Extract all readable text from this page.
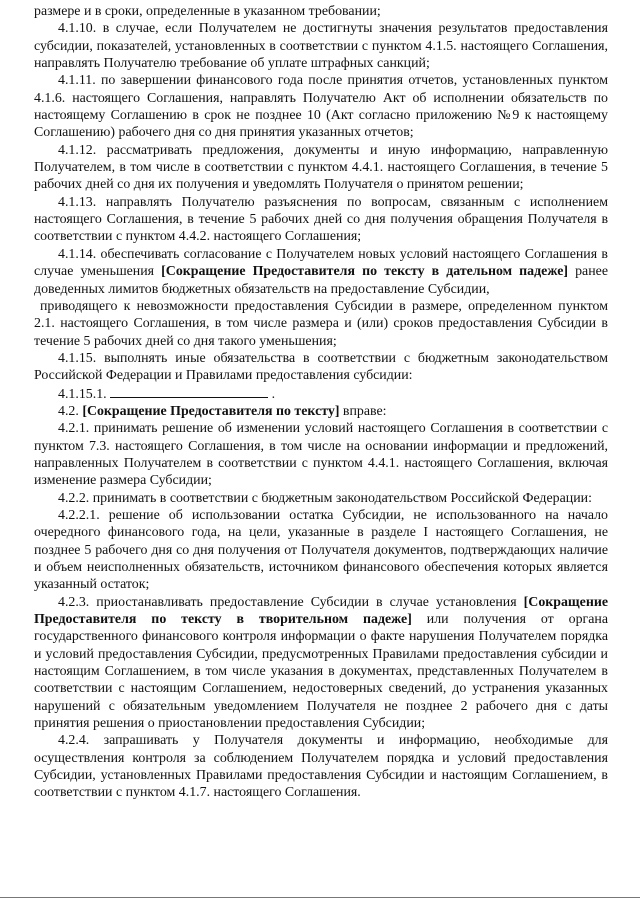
размере и в сроки, определенные в указанном требовании;

4.1.10. в случае, если Получателем не достигнуты значения результатов предоставления субсидии, показателей, установленных в соответствии с пунктом 4.1.5. настоящего Соглашения, направлять Получателю требование об уплате штрафных санкций;

4.1.11. по завершении финансового года после принятия отчетов, установленных пунктом 4.1.6. настоящего Соглашения, направлять Получателю Акт об исполнении обязательств по настоящему Соглашению в срок не позднее 10 (Акт согласно приложению №9 к настоящему Соглашению) рабочего дня со дня принятия указанных отчетов;

4.1.12. рассматривать предложения, документы и иную информацию, направленную Получателем, в том числе в соответствии с пунктом 4.4.1. настоящего Соглашения, в течение 5 рабочих дней со дня их получения и уведомлять Получателя о принятом решении;

4.1.13. направлять Получателю разъяснения по вопросам, связанным с исполнением настоящего Соглашения, в течение 5 рабочих дней со дня получения обращения Получателя в соответствии с пунктом 4.4.2. настоящего Соглашения;

4.1.14. обеспечивать согласование с Получателем новых условий настоящего Соглашения в случае уменьшения [Сокращение Предоставителя по тексту в дательном падеже] ранее доведенных лимитов бюджетных обязательств на предоставление Субсидии,

приводящего к невозможности предоставления Субсидии в размере, определенном пунктом 2.1. настоящего Соглашения, в том числе размера и (или) сроков предоставления Субсидии в течение 5 рабочих дней со дня такого уменьшения;

4.1.15. выполнять иные обязательства в соответствии с бюджетным законодательством Российской Федерации и Правилами предоставления субсидии:

4.1.15.1.	.

4.2. [Сокращение Предоставителя по тексту] вправе:

4.2.1. принимать решение об изменении условий настоящего Соглашения в соответствии с пунктом 7.3. настоящего Соглашения, в том числе на основании информации и предложений, направленных Получателем в соответствии с пунктом 4.4.1. настоящего Соглашения, включая изменение размера Субсидии;

4.2.2. принимать в соответствии с бюджетным законодательством Российской Федерации:

4.2.2.1. решение об использовании остатка Субсидии, не использованного на начало очередного финансового года, на цели, указанные в разделе I настоящего Соглашения, не позднее 5 рабочего дня со дня получения от Получателя документов, подтверждающих наличие и объем неисполненных обязательств, источником финансового обеспечения которых является указанный остаток;

4.2.3. приостанавливать предоставление Субсидии в случае установления [Сокращение Предоставителя по тексту в творительном падеже] или получения от органа государственного финансового контроля информации о факте нарушения Получателем порядка и условий предоставления Субсидии, предусмотренных Правилами предоставления субсидии и настоящим Соглашением, в том числе указания в документах, представленных Получателем в соответствии с настоящим Соглашением, недостоверных сведений, до устранения указанных нарушений с обязательным уведомлением Получателя не позднее 2 рабочего дня с даты принятия решения о приостановлении предоставления Субсидии;

4.2.4. запрашивать у Получателя документы и информацию, необходимые для осуществления контроля за соблюдением Получателем порядка и условий предоставления Субсидии, установленных Правилами предоставления Субсидии и настоящим Соглашением, в соответствии с пунктом 4.1.7. настоящего Соглашения.
